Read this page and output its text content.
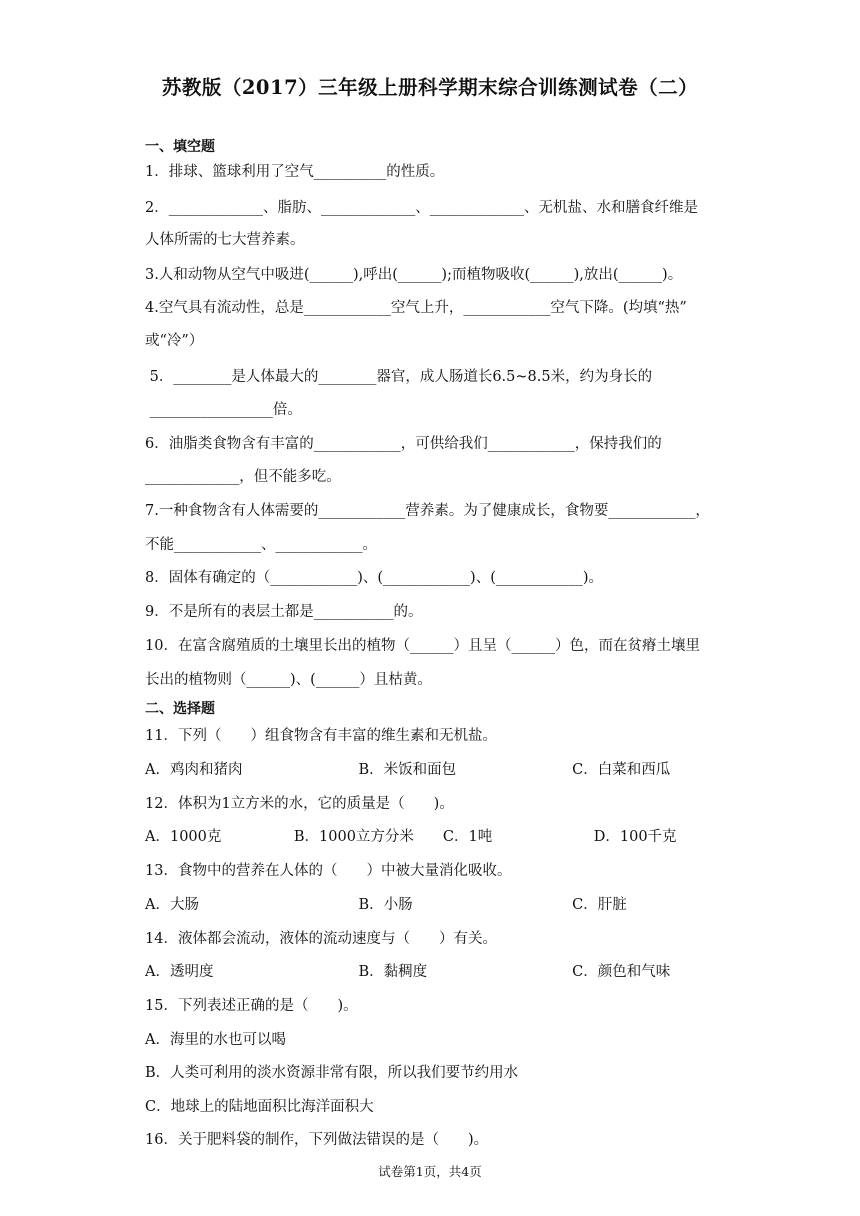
苏教版（2017）三年级上册科学期末综合训练测试卷（二）
一、填空题
1．排球、篮球利用了空气__________的性质。
2．_____________、脂肪、_____________、_____________、无机盐、水和膳食纤维是
人体所需的七大营养素。
3.人和动物从空气中吸进(______),呼出(______);而植物吸收(______),放出(______)。
4.空气具有流动性，总是____________空气上升，____________空气下降。(均填“热”
或“冷”）
5．________是人体最大的________器官，成人肠道长6.5~8.5米，约为身长的
_________________倍。
6．油脂类食物含有丰富的____________，可供给我们____________，保持我们的
_____________，但不能多吃。
7.一种食物含有人体需要的____________营养素。为了健康成长，食物要____________，
不能____________、____________。
8．固体有确定的（____________)、(____________)、(____________)。
9．不是所有的表层土都是___________的。
10．在富含腐殖质的土壤里长出的植物（______）且呈（______）色，而在贫瘠土壤里
长出的植物则（______)、(______）且枯黄。
二、选择题
11．下列（　　）组食物含有丰富的维生素和无机盐。
A．鸡肉和猪肉　　　　　　　　B．米饭和面包　　　　　　　　C．白菜和西瓜
12．体积为1立方米的水，它的质量是（　　)。
A．1000克　　　　　B．1000立方分米　　C．1吨　　　　　　　D．100千克
13．食物中的营养在人体的（　　）中被大量消化吸收。
A．大肠　　　　　　　　　　　B．小肠　　　　　　　　　　　C．肝脏
14．液体都会流动，液体的流动速度与（　　）有关。
A．透明度　　　　　　　　　　B．黏稠度　　　　　　　　　　C．颜色和气味
15．下列表述正确的是（　　)。
A．海里的水也可以喝
B．人类可利用的淡水资源非常有限，所以我们要节约用水
C．地球上的陆地面积比海洋面积大
16．关于肥料袋的制作，下列做法错误的是（　　)。
试卷第1页，共4页
